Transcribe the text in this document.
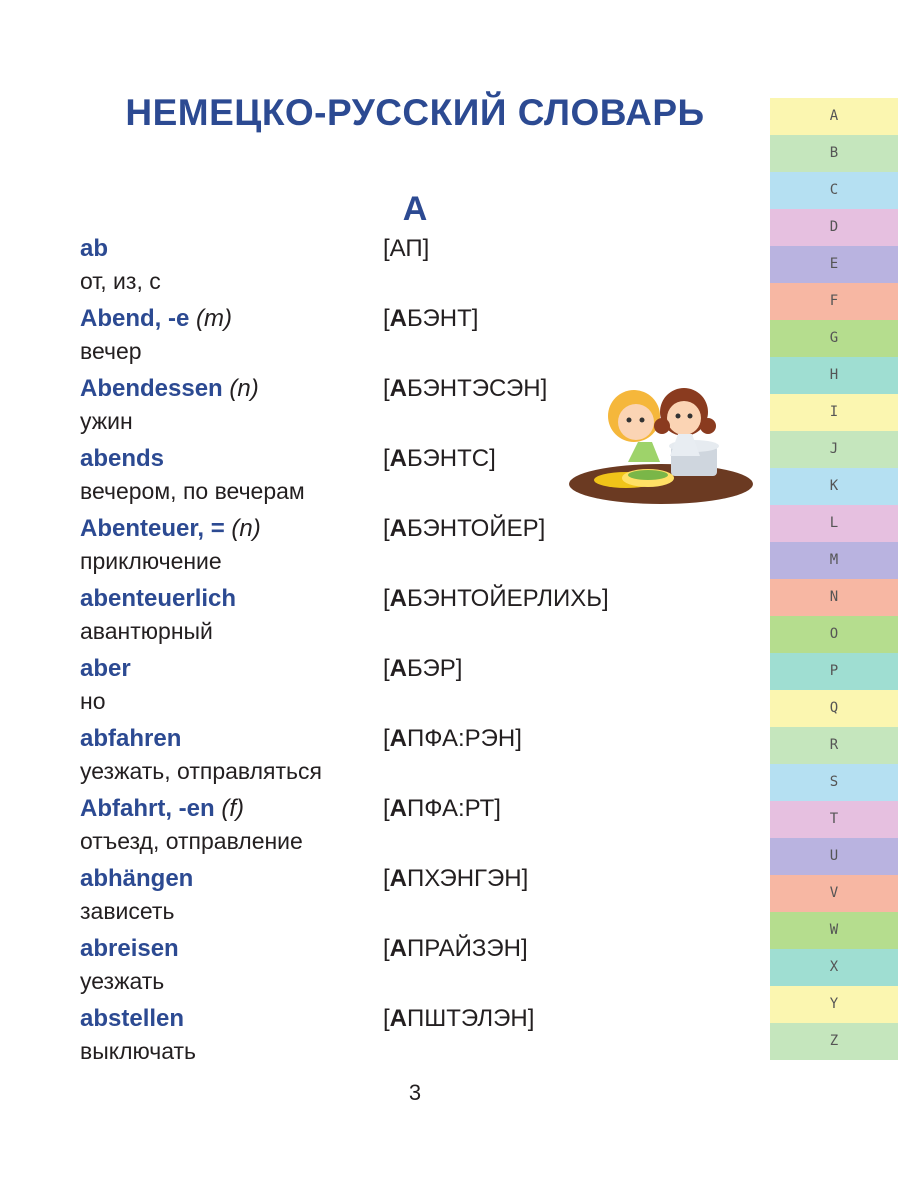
НЕМЕЦКО-РУССКИЙ СЛОВАРЬ
A
ab	[АП]
от, из, с
Abend, -e (m)	[АБЭНТ]
вечер
Abendessen (n)	[АБЭНТЭСЭН]
ужин
abends	[АБЭНТС]
вечером, по вечерам
Abenteuer, = (n)	[АБЭНТОЙЕР]
приключение
abenteuerlich	[АБЭНТОЙЕРЛИХЬ]
авантюрный
aber	[АБЭР]
но
abfahren	[АПФА:РЭН]
уезжать, отправляться
Abfahrt, -en (f)	[АПФА:РТ]
отъезд, отправление
abhängen	[АПХЭНГЭН]
зависеть
abreisen	[АПРАЙЗЭН]
уезжать
abstellen	[АПШТЭЛЭН]
выключать
A
B
C
D
E
F
G
H
I
J
K
L
M
N
O
P
Q
R
S
T
U
V
W
X
Y
Z
3
